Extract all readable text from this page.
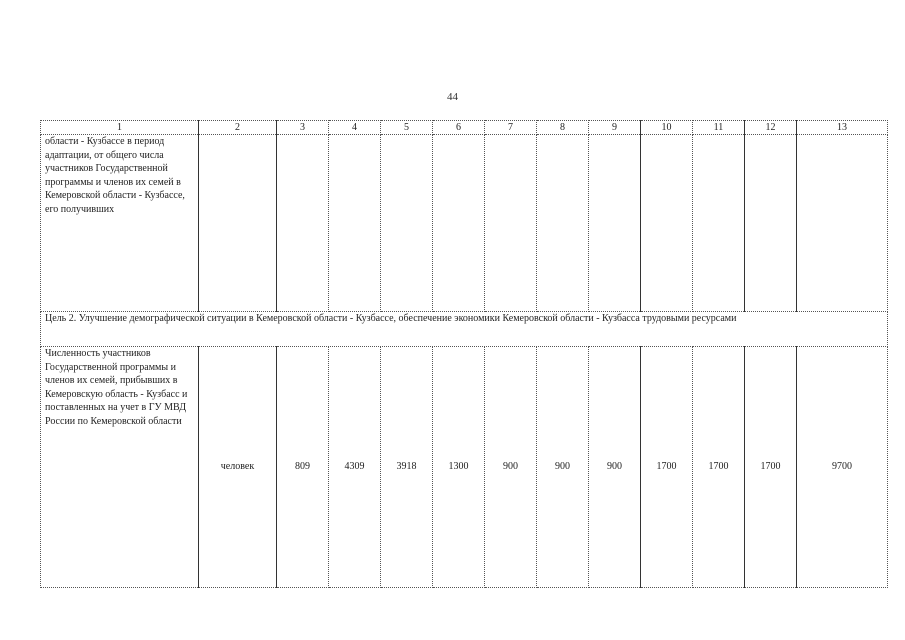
44
1	2	3	4	5	6	7	8	9	10	11	12	13
области - Кузбассе в период адаптации, от общего числа участников Государственной программы и членов их семей в Кемеровской области - Кузбассе, его получивших												
Цель 2. Улучшение демографической ситуации в Кемеровской области - Кузбассе, обеспечение экономики Кемеровской области - Кузбасса трудовыми ресурсами												
Численность участников Государственной программы и членов их семей, прибывших в Кемеровскую область - Кузбасс и поставленных на учет в ГУ МВД России по Кемеровской области	человек	809	4309	3918	1300	900	900	900	1700	1700	1700	9700
